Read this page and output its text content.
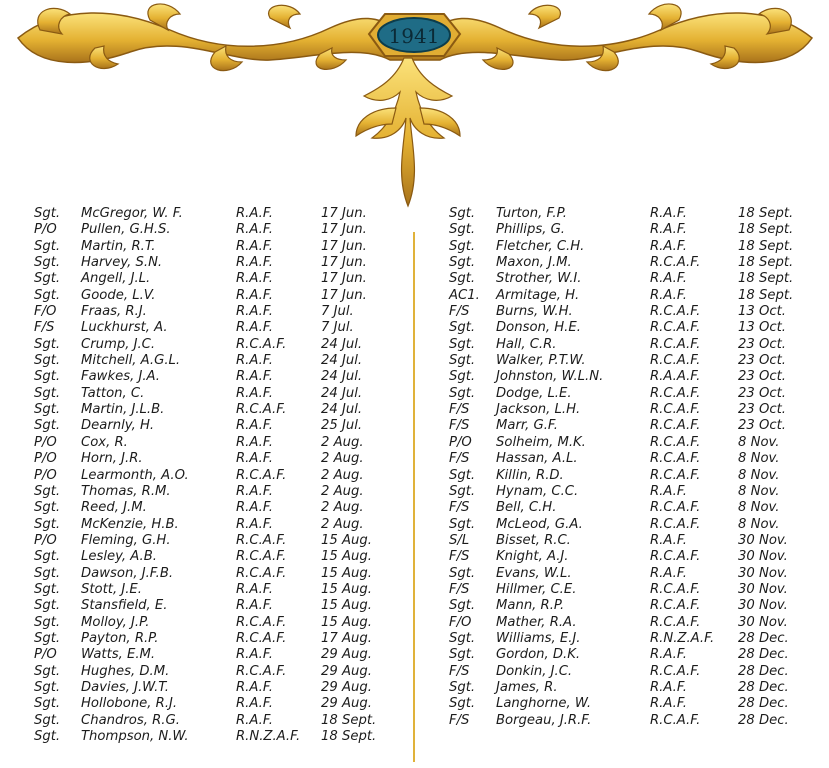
1941
Sgt. McGregor, W. F.	R.A.F.	17 Jun.
P/O Pullen, G.H.S.	R.A.F.	17 Jun.
Sgt. Martin, R.T.	R.A.F.	17 Jun.
Sgt. Harvey, S.N.	R.A.F.	17 Jun.
Sgt. Angell, J.L.	R.A.F.	17 Jun.
Sgt. Goode, L.V.	R.A.F.	17 Jun.
F/O Fraas, R.J.	R.A.F.	7 Jul.
F/S Luckhurst, A.	R.A.F.	7 Jul.
Sgt. Crump, J.C.	R.C.A.F.	24 Jul.
Sgt. Mitchell, A.G.L.	R.A.F.	24 Jul.
Sgt. Fawkes, J.A.	R.A.F.	24 Jul.
Sgt. Tatton, C.	R.A.F.	24 Jul.
Sgt. Martin, J.L.B.	R.C.A.F.	24 Jul.
Sgt. Dearnly, H.	R.A.F.	25 Jul.
P/O Cox, R.	R.A.F.	2 Aug.
P/O Horn, J.R.	R.A.F.	2 Aug.
P/O Learmonth, A.O.	R.C.A.F.	2 Aug.
Sgt. Thomas, R.M.	R.A.F.	2 Aug.
Sgt. Reed, J.M.	R.A.F.	2 Aug.
Sgt. McKenzie, H.B.	R.A.F.	2 Aug.
P/O Fleming, G.H.	R.C.A.F.	15 Aug.
Sgt. Lesley, A.B.	R.C.A.F.	15 Aug.
Sgt. Dawson, J.F.B.	R.C.A.F.	15 Aug.
Sgt. Stott, J.E.	R.A.F.	15 Aug.
Sgt. Stansfield, E.	R.A.F.	15 Aug.
Sgt. Molloy, J.P.	R.C.A.F.	15 Aug.
Sgt. Payton, R.P.	R.C.A.F.	17 Aug.
P/O Watts, E.M.	R.A.F.	29 Aug.
Sgt. Hughes, D.M.	R.C.A.F.	29 Aug.
Sgt. Davies, J.W.T.	R.A.F.	29 Aug.
Sgt. Hollobone, R.J.	R.A.F.	29 Aug.
Sgt. Chandros, R.G.	R.A.F.	18 Sept.
Sgt. Thompson, N.W.	R.N.Z.A.F. 18 Sept.
Sgt. Turton, F.P.	R.A.F.	18 Sept.
Sgt. Phillips, G.	R.A.F.	18 Sept.
Sgt. Fletcher, C.H.	R.A.F.	18 Sept.
Sgt. Maxon, J.M.	R.C.A.F.	18 Sept.
Sgt. Strother, W.I.	R.A.F.	18 Sept.
AC1. Armitage, H.	R.A.F.	18 Sept.
F/S Burns, W.H.	R.C.A.F.	13 Oct.
Sgt. Donson, H.E.	R.C.A.F.	13 Oct.
Sgt. Hall, C.R.	R.C.A.F.	23 Oct.
Sgt. Walker, P.T.W.	R.C.A.F.	23 Oct.
Sgt. Johnston, W.L.N.	R.A.A.F.	23 Oct.
Sgt. Dodge, L.E.	R.C.A.F.	23 Oct.
F/S Jackson, L.H.	R.C.A.F.	23 Oct.
F/S Marr, G.F.	R.C.A.F.	23 Oct.
P/O Solheim, M.K.	R.C.A.F.	8 Nov.
F/S Hassan, A.L.	R.C.A.F.	8 Nov.
Sgt. Killin, R.D.	R.C.A.F.	8 Nov.
Sgt. Hynam, C.C.	R.A.F.	8 Nov.
F/S Bell, C.H.	R.C.A.F.	8 Nov.
Sgt. McLeod, G.A.	R.C.A.F.	8 Nov.
S/L Bisset, R.C.	R.A.F.	30 Nov.
F/S Knight, A.J.	R.C.A.F.	30 Nov.
Sgt. Evans, W.L.	R.A.F.	30 Nov.
F/S Hillmer, C.E.	R.C.A.F.	30 Nov.
Sgt. Mann, R.P.	R.C.A.F.	30 Nov.
F/O Mather, R.A.	R.C.A.F.	30 Nov.
Sgt. Williams, E.J.	R.N.Z.A.F. 28 Dec.
Sgt. Gordon, D.K.	R.A.F.	28 Dec.
F/S Donkin, J.C.	R.C.A.F.	28 Dec.
Sgt. James, R.	R.A.F.	28 Dec.
Sgt. Langhorne, W.	R.A.F.	28 Dec.
F/S Borgeau, J.R.F.	R.C.A.F.	28 Dec.
